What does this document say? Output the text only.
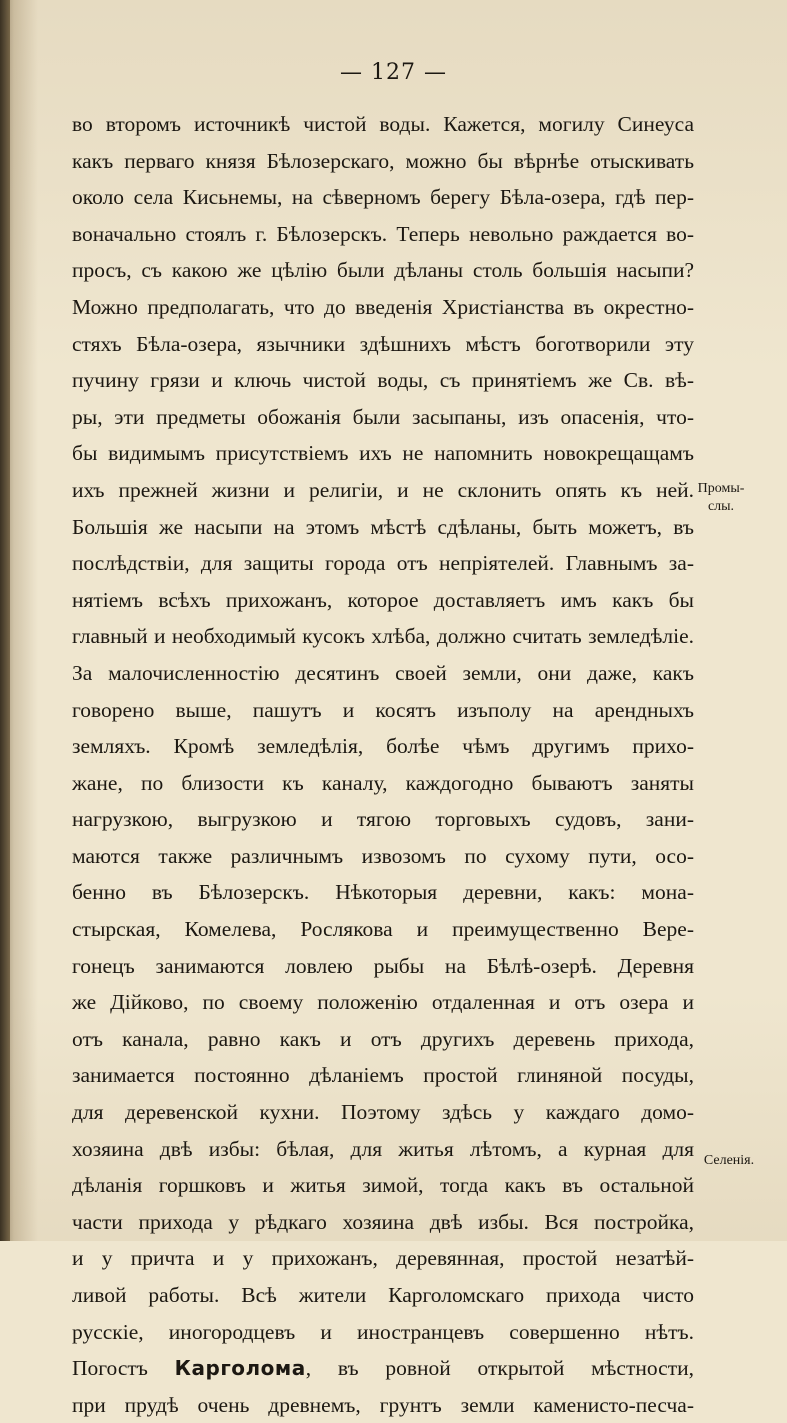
— 127 —
во второмъ источникѣ чистой воды. Кажется, могилу Синеуса
какъ перваго князя Бѣлозерскаго, можно бы вѣрнѣе отыскивать
около села Кисьнемы, на сѣверномъ берегу Бѣла-озера, гдѣ пер-
воначально стоялъ г. Бѣлозерскъ. Теперь невольно раждается во-
просъ, съ какою же цѣлію были дѣланы столь большія насыпи?
Можно предполагать, что до введенія Христіанства въ окрестно-
стяхъ Бѣла-озера, язычники здѣшнихъ мѣстъ боготворили эту
пучину грязи и ключь чистой воды, съ принятіемъ же Св. вѣ-
ры, эти предметы обожанія были засыпаны, изъ опасенія, что-
бы видимымъ присутствіемъ ихъ не напомнить новокрещащамъ
ихъ прежней жизни и религіи, и не склонить опять къ ней.
Большія же насыпи на этомъ мѣстѣ сдѣланы, быть можетъ, въ
послѣдствіи, для защиты города отъ непріятелей. Главнымъ за-
нятіемъ всѣхъ прихожанъ, которое доставляетъ имъ какъ бы
главный и необходимый кусокъ хлѣба, должно считать земледѣліе.
За малочисленностію десятинъ своей земли, они даже, какъ
говорено выше, пашутъ и косятъ изъполу на арендныхъ
земляхъ. Кромѣ земледѣлія, болѣе чѣмъ другимъ прихо-
жане, по близости къ каналу, каждогодно бываютъ заняты
нагрузкою, выгрузкою и тягою торговыхъ судовъ, зани-
маются также различнымъ извозомъ по сухому пути, осо-
бенно въ Бѣлозерскъ. Нѣкоторыя деревни, какъ: мона-
стырская, Комелева, Рослякова и преимущественно Вере-
гонецъ занимаются ловлею рыбы на Бѣлѣ-озерѣ. Деревня
же Дійково, по своему положенію отдаленная и отъ озера и
отъ канала, равно какъ и отъ другихъ деревень прихода,
занимается постоянно дѣланіемъ простой глиняной посуды,
для деревенской кухни. Поэтому здѣсь у каждаго домо-
хозяина двѣ избы: бѣлая, для житья лѣтомъ, а курная для
дѣланія горшковъ и житья зимой, тогда какъ въ остальной
части прихода у рѣдкаго хозяина двѣ избы. Вся постройка,
и у причта и у прихожанъ, деревянная, простой незатѣй-
ливой работы. Всѣ жители Карголомскаго прихода чисто
русскіе, иногородцевъ и иностранцевъ совершенно нѣтъ.
Погостъ Карголома, въ ровной открытой мѣстности,
при прудѣ очень древнемъ, грунтъ земли каменисто-песча-
Промы-
слы.
Селенія.
